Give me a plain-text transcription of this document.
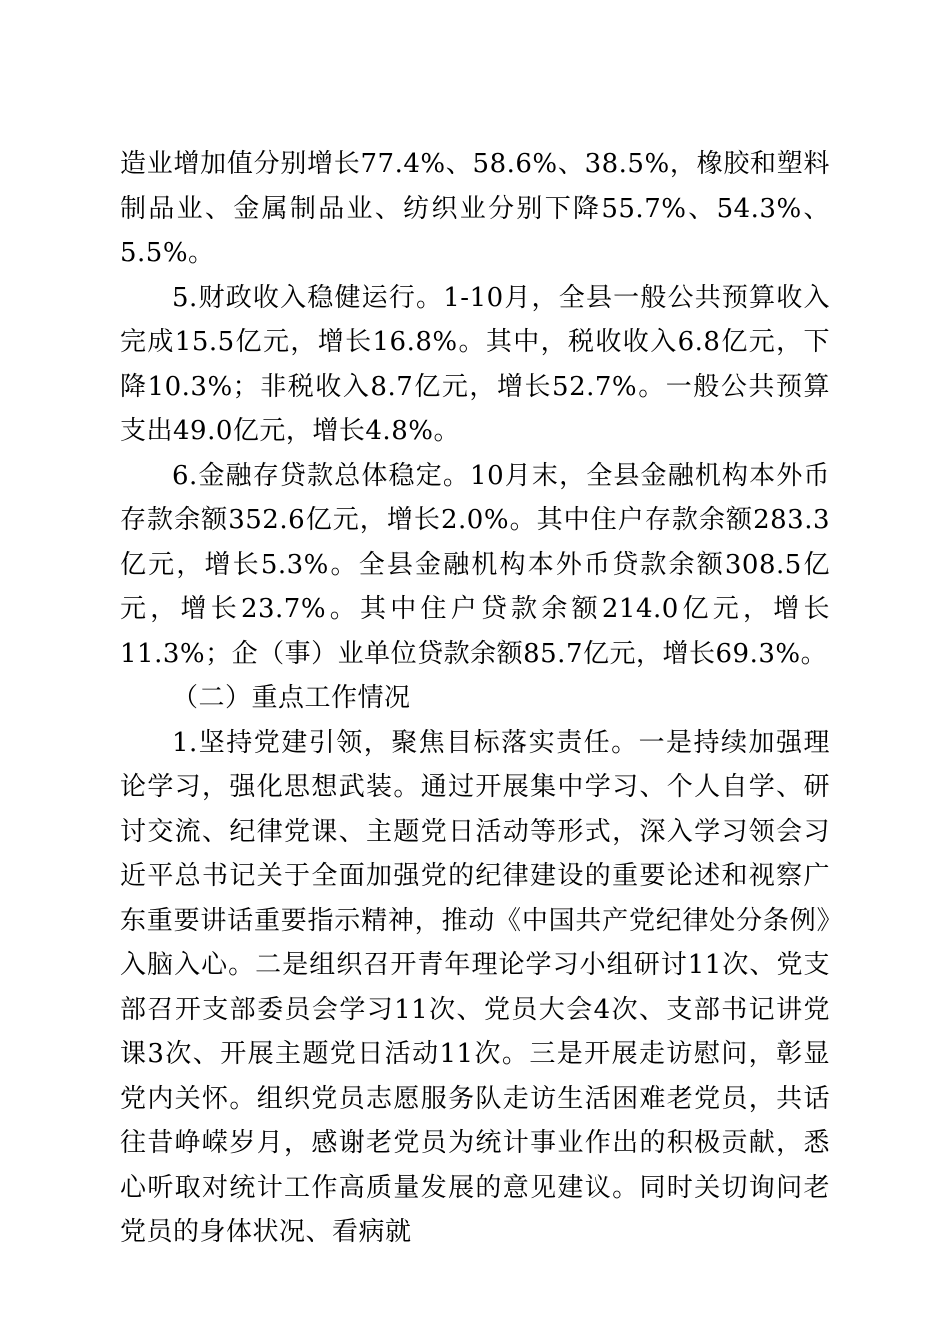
造业增加值分别增长77.4%、58.6%、38.5%，橡胶和塑料制品业、金属制品业、纺织业分别下降55.7%、54.3%、5.5%。

5.财政收入稳健运行。1-10月，全县一般公共预算收入完成15.5亿元，增长16.8%。其中，税收收入6.8亿元，下降10.3%；非税收入8.7亿元，增长52.7%。一般公共预算支出49.0亿元，增长4.8%。

6.金融存贷款总体稳定。10月末，全县金融机构本外币存款余额352.6亿元，增长2.0%。其中住户存款余额283.3亿元，增长5.3%。全县金融机构本外币贷款余额308.5亿元，增长23.7%。其中住户贷款余额214.0亿元，增长11.3%；企（事）业单位贷款余额85.7亿元，增长69.3%。

（二）重点工作情况

1.坚持党建引领，聚焦目标落实责任。一是持续加强理论学习，强化思想武装。通过开展集中学习、个人自学、研讨交流、纪律党课、主题党日活动等形式，深入学习领会习近平总书记关于全面加强党的纪律建设的重要论述和视察广东重要讲话重要指示精神，推动《中国共产党纪律处分条例》入脑入心。二是组织召开青年理论学习小组研讨11次、党支部召开支部委员会学习11次、党员大会4次、支部书记讲党课3次、开展主题党日活动11次。三是开展走访慰问，彰显党内关怀。组织党员志愿服务队走访生活困难老党员，共话往昔峥嵘岁月，感谢老党员为统计事业作出的积极贡献，悉心听取对统计工作高质量发展的意见建议。同时关切询问老党员的身体状况、看病就
